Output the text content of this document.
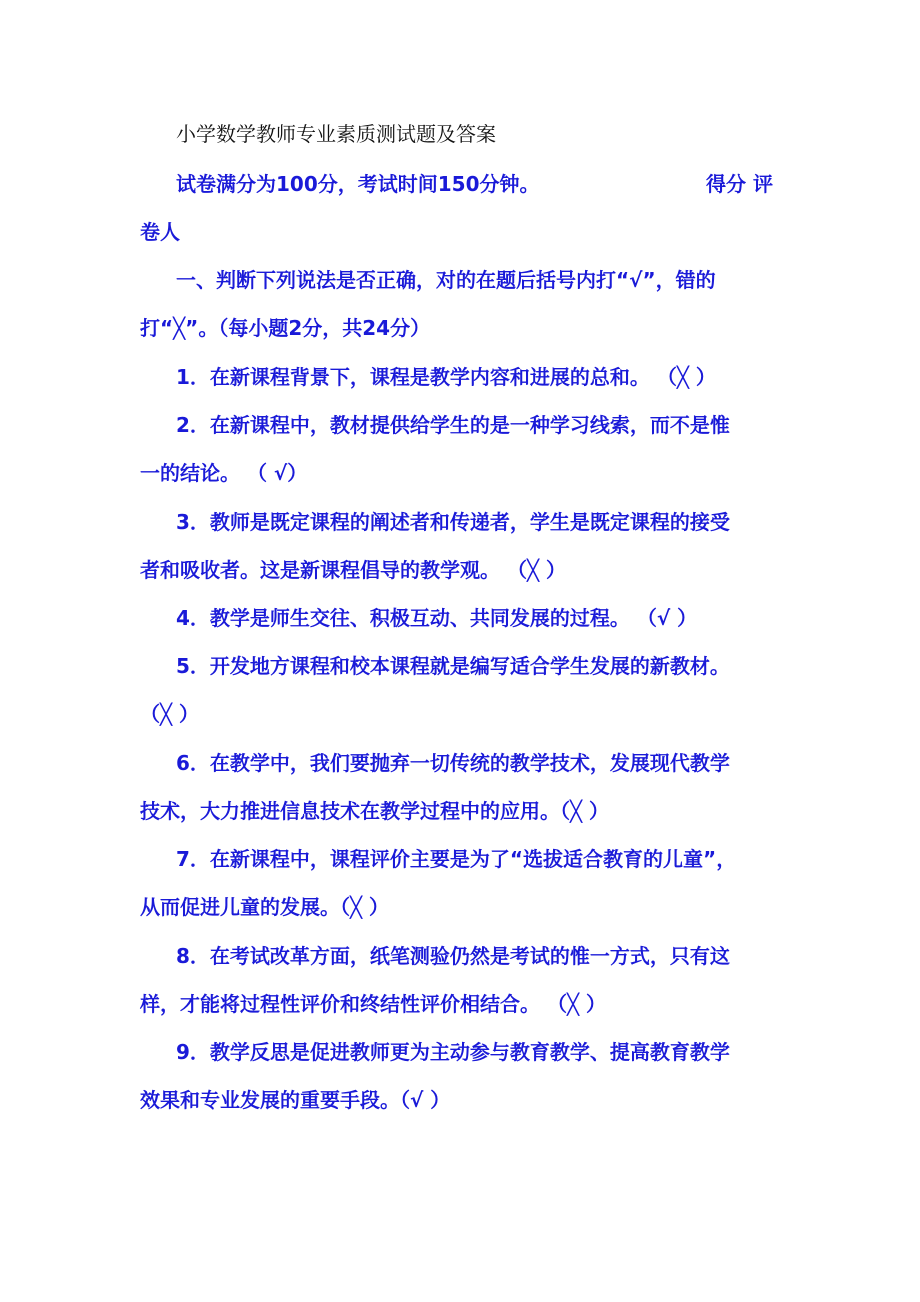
小学数学教师专业素质测试题及答案

试卷满分为100分，考试时间150分钟。	得分 评

卷人

一、判断下列说法是否正确，对的在题后括号内打“√”，错的

打“╳”。（每小题2分，共24分）

1．在新课程背景下，课程是教学内容和进展的总和。 （╳ ）

2．在新课程中，教材提供给学生的是一种学习线索，而不是惟

一的结论。 （ √）

3．教师是既定课程的阐述者和传递者，学生是既定课程的接受

者和吸收者。这是新课程倡导的教学观。 （╳ ）

4．教学是师生交往、积极互动、共同发展的过程。 （√ ）

5．开发地方课程和校本课程就是编写适合学生发展的新教材。

（╳ ）

6．在教学中，我们要抛弃一切传统的教学技术，发展现代教学

技术，大力推进信息技术在教学过程中的应用。（╳ ）

7．在新课程中，课程评价主要是为了“选拔适合教育的儿童”，

从而促进儿童的发展。（╳ ）

8．在考试改革方面，纸笔测验仍然是考试的惟一方式，只有这

样，才能将过程性评价和终结性评价相结合。 （╳ ）

9．教学反思是促进教师更为主动参与教育教学、提高教育教学

效果和专业发展的重要手段。（√ ）
